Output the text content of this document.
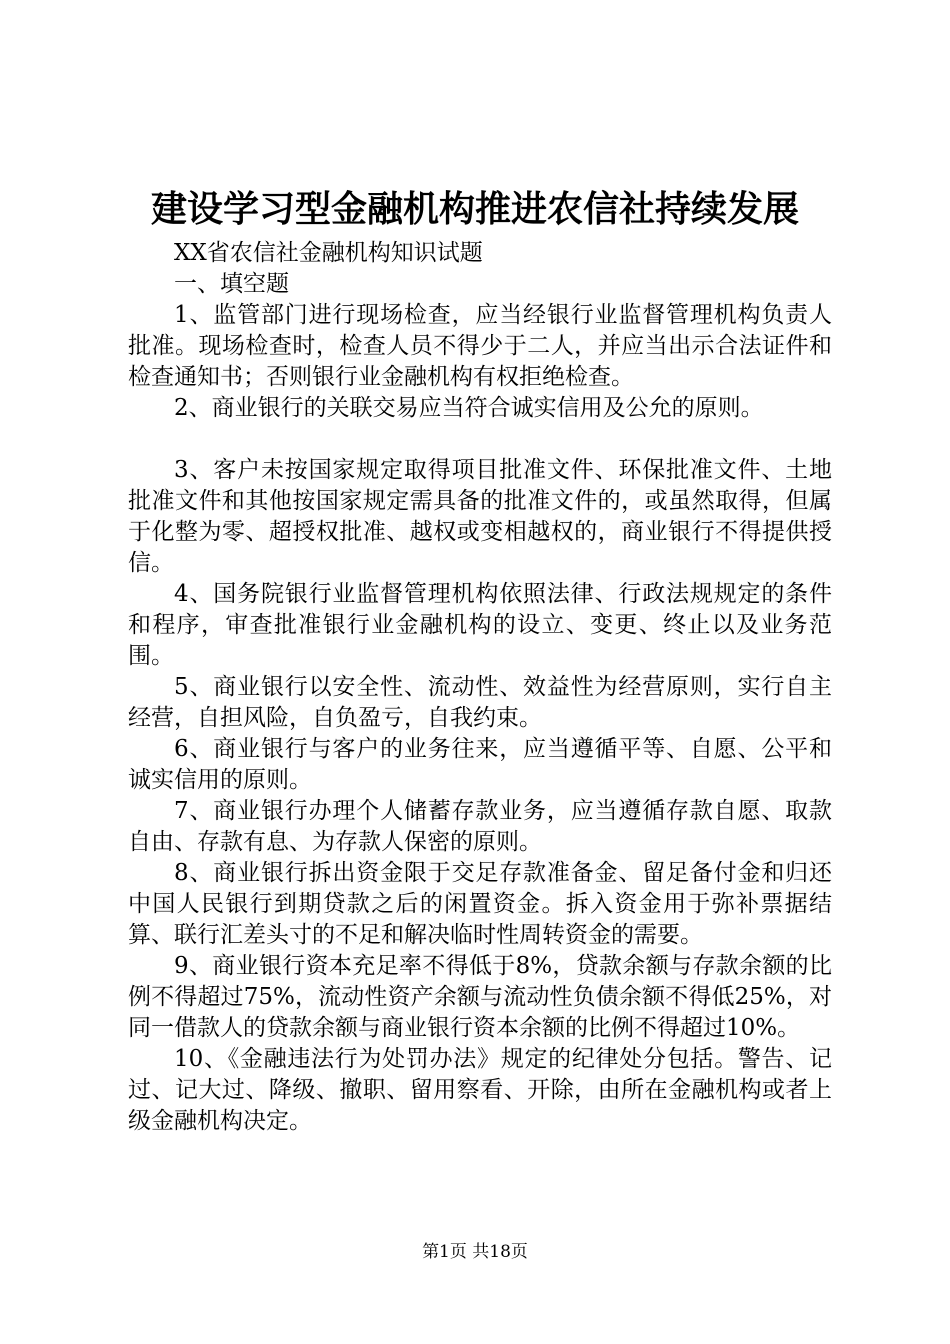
建设学习型金融机构推进农信社持续发展

XX省农信社金融机构知识试题

一、填空题

1、监管部门进行现场检查，应当经银行业监督管理机构负责人批准。现场检查时，检查人员不得少于二人，并应当出示合法证件和检查通知书；否则银行业金融机构有权拒绝检查。

2、商业银行的关联交易应当符合诚实信用及公允的原则。

3、客户未按国家规定取得项目批准文件、环保批准文件、土地批准文件和其他按国家规定需具备的批准文件的，或虽然取得，但属于化整为零、超授权批准、越权或变相越权的，商业银行不得提供授信。

4、国务院银行业监督管理机构依照法律、行政法规规定的条件和程序，审查批准银行业金融机构的设立、变更、终止以及业务范围。

5、商业银行以安全性、流动性、效益性为经营原则，实行自主经营，自担风险，自负盈亏，自我约束。

6、商业银行与客户的业务往来，应当遵循平等、自愿、公平和诚实信用的原则。

7、商业银行办理个人储蓄存款业务，应当遵循存款自愿、取款自由、存款有息、为存款人保密的原则。

8、商业银行拆出资金限于交足存款准备金、留足备付金和归还中国人民银行到期贷款之后的闲置资金。拆入资金用于弥补票据结算、联行汇差头寸的不足和解决临时性周转资金的需要。

9、商业银行资本充足率不得低于8%，贷款余额与存款余额的比例不得超过75%，流动性资产余额与流动性负债余额不得低25%，对同一借款人的贷款余额与商业银行资本余额的比例不得超过10%。

10、《金融违法行为处罚办法》规定的纪律处分包括。警告、记过、记大过、降级、撤职、留用察看、开除，由所在金融机构或者上级金融机构决定。

第1页 共18页
